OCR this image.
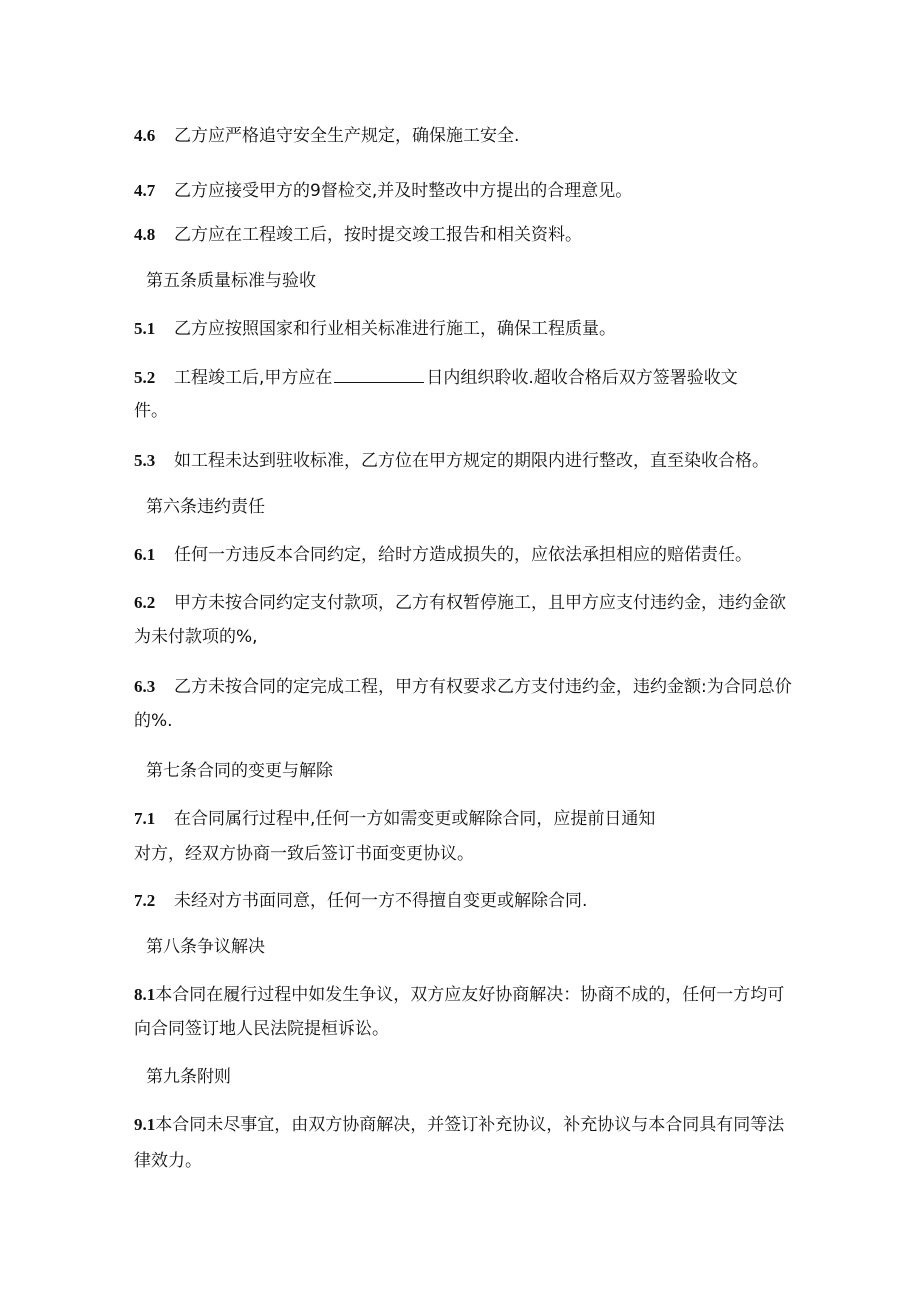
4.6 乙方应严格追守安全生产规定，确保施工安全.

4.7 乙方应接受甲方的9督检交,并及时整改中方提出的合理意见。

4.8 乙方应在工程竣工后，按时提交竣工报告和相关资料。

第五条质量标准与验收

5.1 乙方应按照国家和行业相关标准进行施工，确保工程质量。

5.2 工程竣工后,甲方应在	日内组织聆收.超收合格后双方签署验收文

件。

5.3 如工程未达到驻收标准，乙方位在甲方规定的期限内进行整改，直至染收合格。

第六条违约责任

6.1 任何一方违反本合同约定，给时方造成损失的，应依法承担相应的赔偌责任。

6.2 甲方未按合同约定支付款项，乙方有权暂停施工，且甲方应支付违约金，违约金欲

为未付款项的%,

6.3 乙方未按合同的定完成工程，甲方有权要求乙方支付违约金，违约金额:为合同总价

的%.

第七条合同的变更与解除

7.1 在合同属行过程中,任何一方如需变更或解除合同，应提前日通知

对方，经双方协商一致后签订书面变更协议。

7.2 未经对方书面同意，任何一方不得擅自变更或解除合同.

第八条争议解决

8.1本合同在履行过程中如发生争议，双方应友好协商解决：协商不成的，任何一方均可

向合同签订地人民法院提桓诉讼。

第九条附则

9.1本合同未尽事宜，由双方协商解决，并签订补充协议，补充协议与本合同具有同等法

律效力。
